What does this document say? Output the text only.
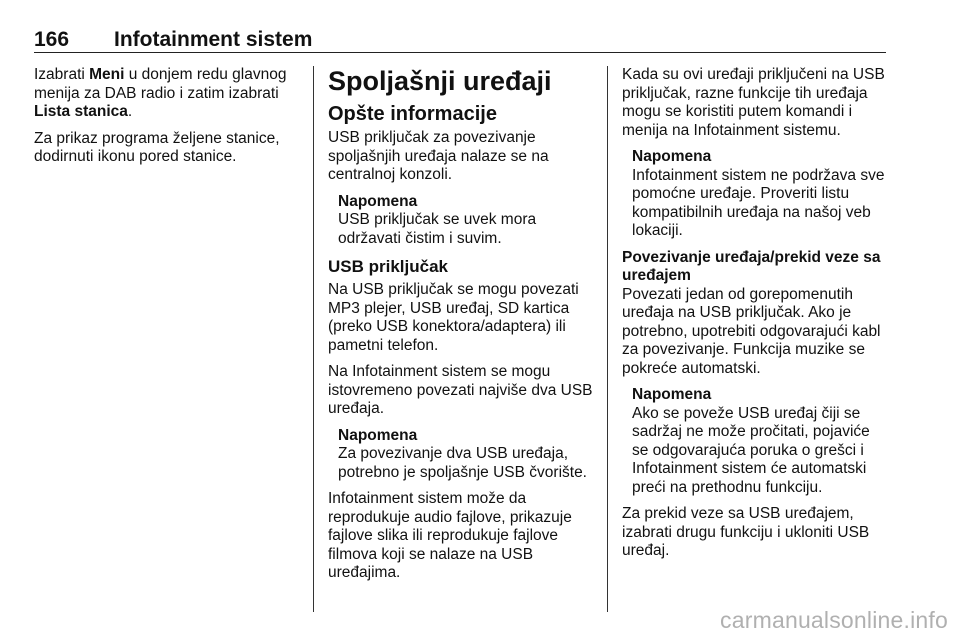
166 Infotainment sistem

Izabrati Meni u donjem redu glavnog menija za DAB radio i zatim izabrati Lista stanica.

Za prikaz programa željene stanice, dodirnuti ikonu pored stanice.

Spoljašnji uređaji
Opšte informacije

USB priključak za povezivanje spoljašnjih uređaja nalaze se na centralnoj konzoli.

Napomena
USB priključak se uvek mora održavati čistim i suvim.
USB priključak

Na USB priključak se mogu povezati MP3 plejer, USB uređaj, SD kartica (preko USB konektora/adaptera) ili pametni telefon.

Na Infotainment sistem se mogu istovremeno povezati najviše dva USB uređaja.

Napomena
Za povezivanje dva USB uređaja, potrebno je spoljašnje USB čvorište.

Infotainment sistem može da reprodukuje audio fajlove, prikazuje fajlove slika ili reprodukuje fajlove filmova koji se nalaze na USB uređajima.

Kada su ovi uređaji priključeni na USB priključak, razne funkcije tih uređaja mogu se koristiti putem komandi i menija na Infotainment sistemu.

Napomena
Infotainment sistem ne podržava sve pomoćne uređaje. Proveriti listu kompatibilnih uređaja na našoj veb lokaciji.
Povezivanje uređaja/prekid veze sa uređajem

Povezati jedan od gorepomenutih uređaja na USB priključak. Ako je potrebno, upotrebiti odgovarajući kabl za povezivanje. Funkcija muzike se pokreće automatski.

Napomena
Ako se poveže USB uređaj čiji se sadržaj ne može pročitati, pojaviće se odgovarajuća poruka o grešci i Infotainment sistem će automatski preći na prethodnu funkciju.

Za prekid veze sa USB uređajem, izabrati drugu funkciju i ukloniti USB uređaj.

carmanualsonline.info
